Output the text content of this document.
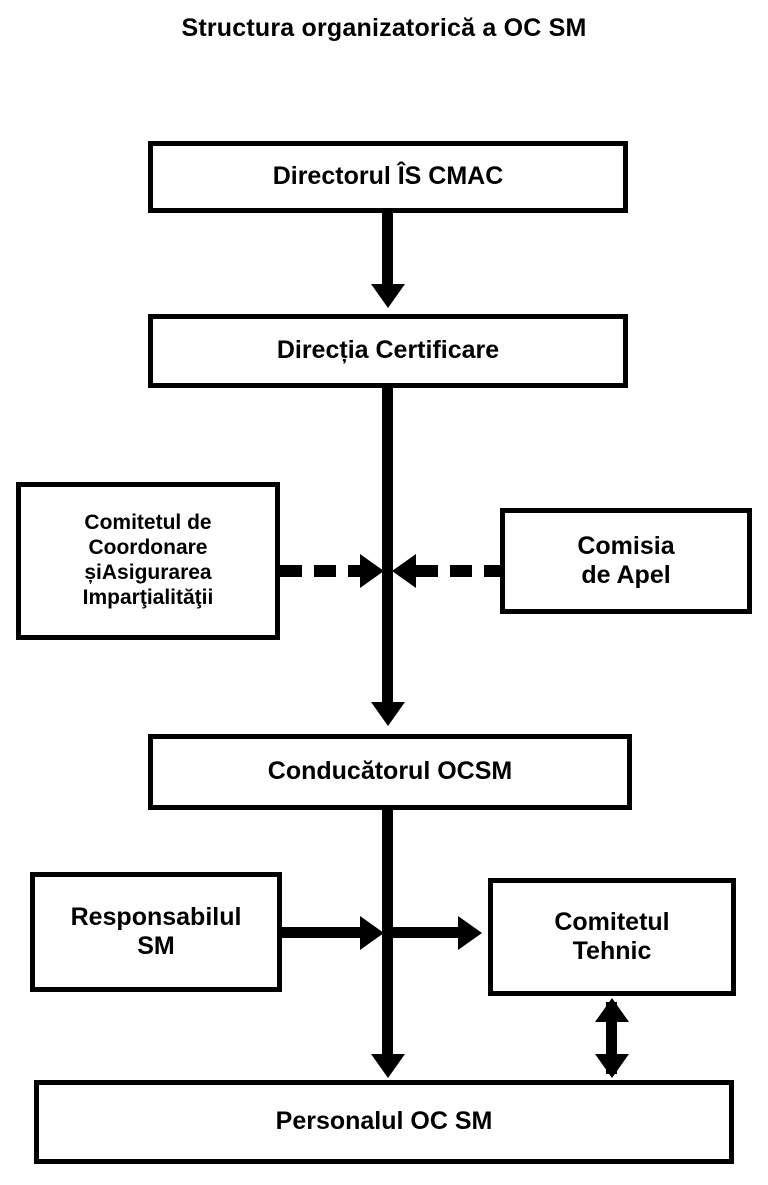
Structura organizatorică a OC SM
Directorul ÎS CMAC
Direcția Certificare
Comitetul de
Coordonare
șiAsigurarea
Imparţialităţii
Comisia
de Apel
Conducătorul OCSM
Responsabilul
SM
Comitetul
Tehnic
Personalul OC SM
